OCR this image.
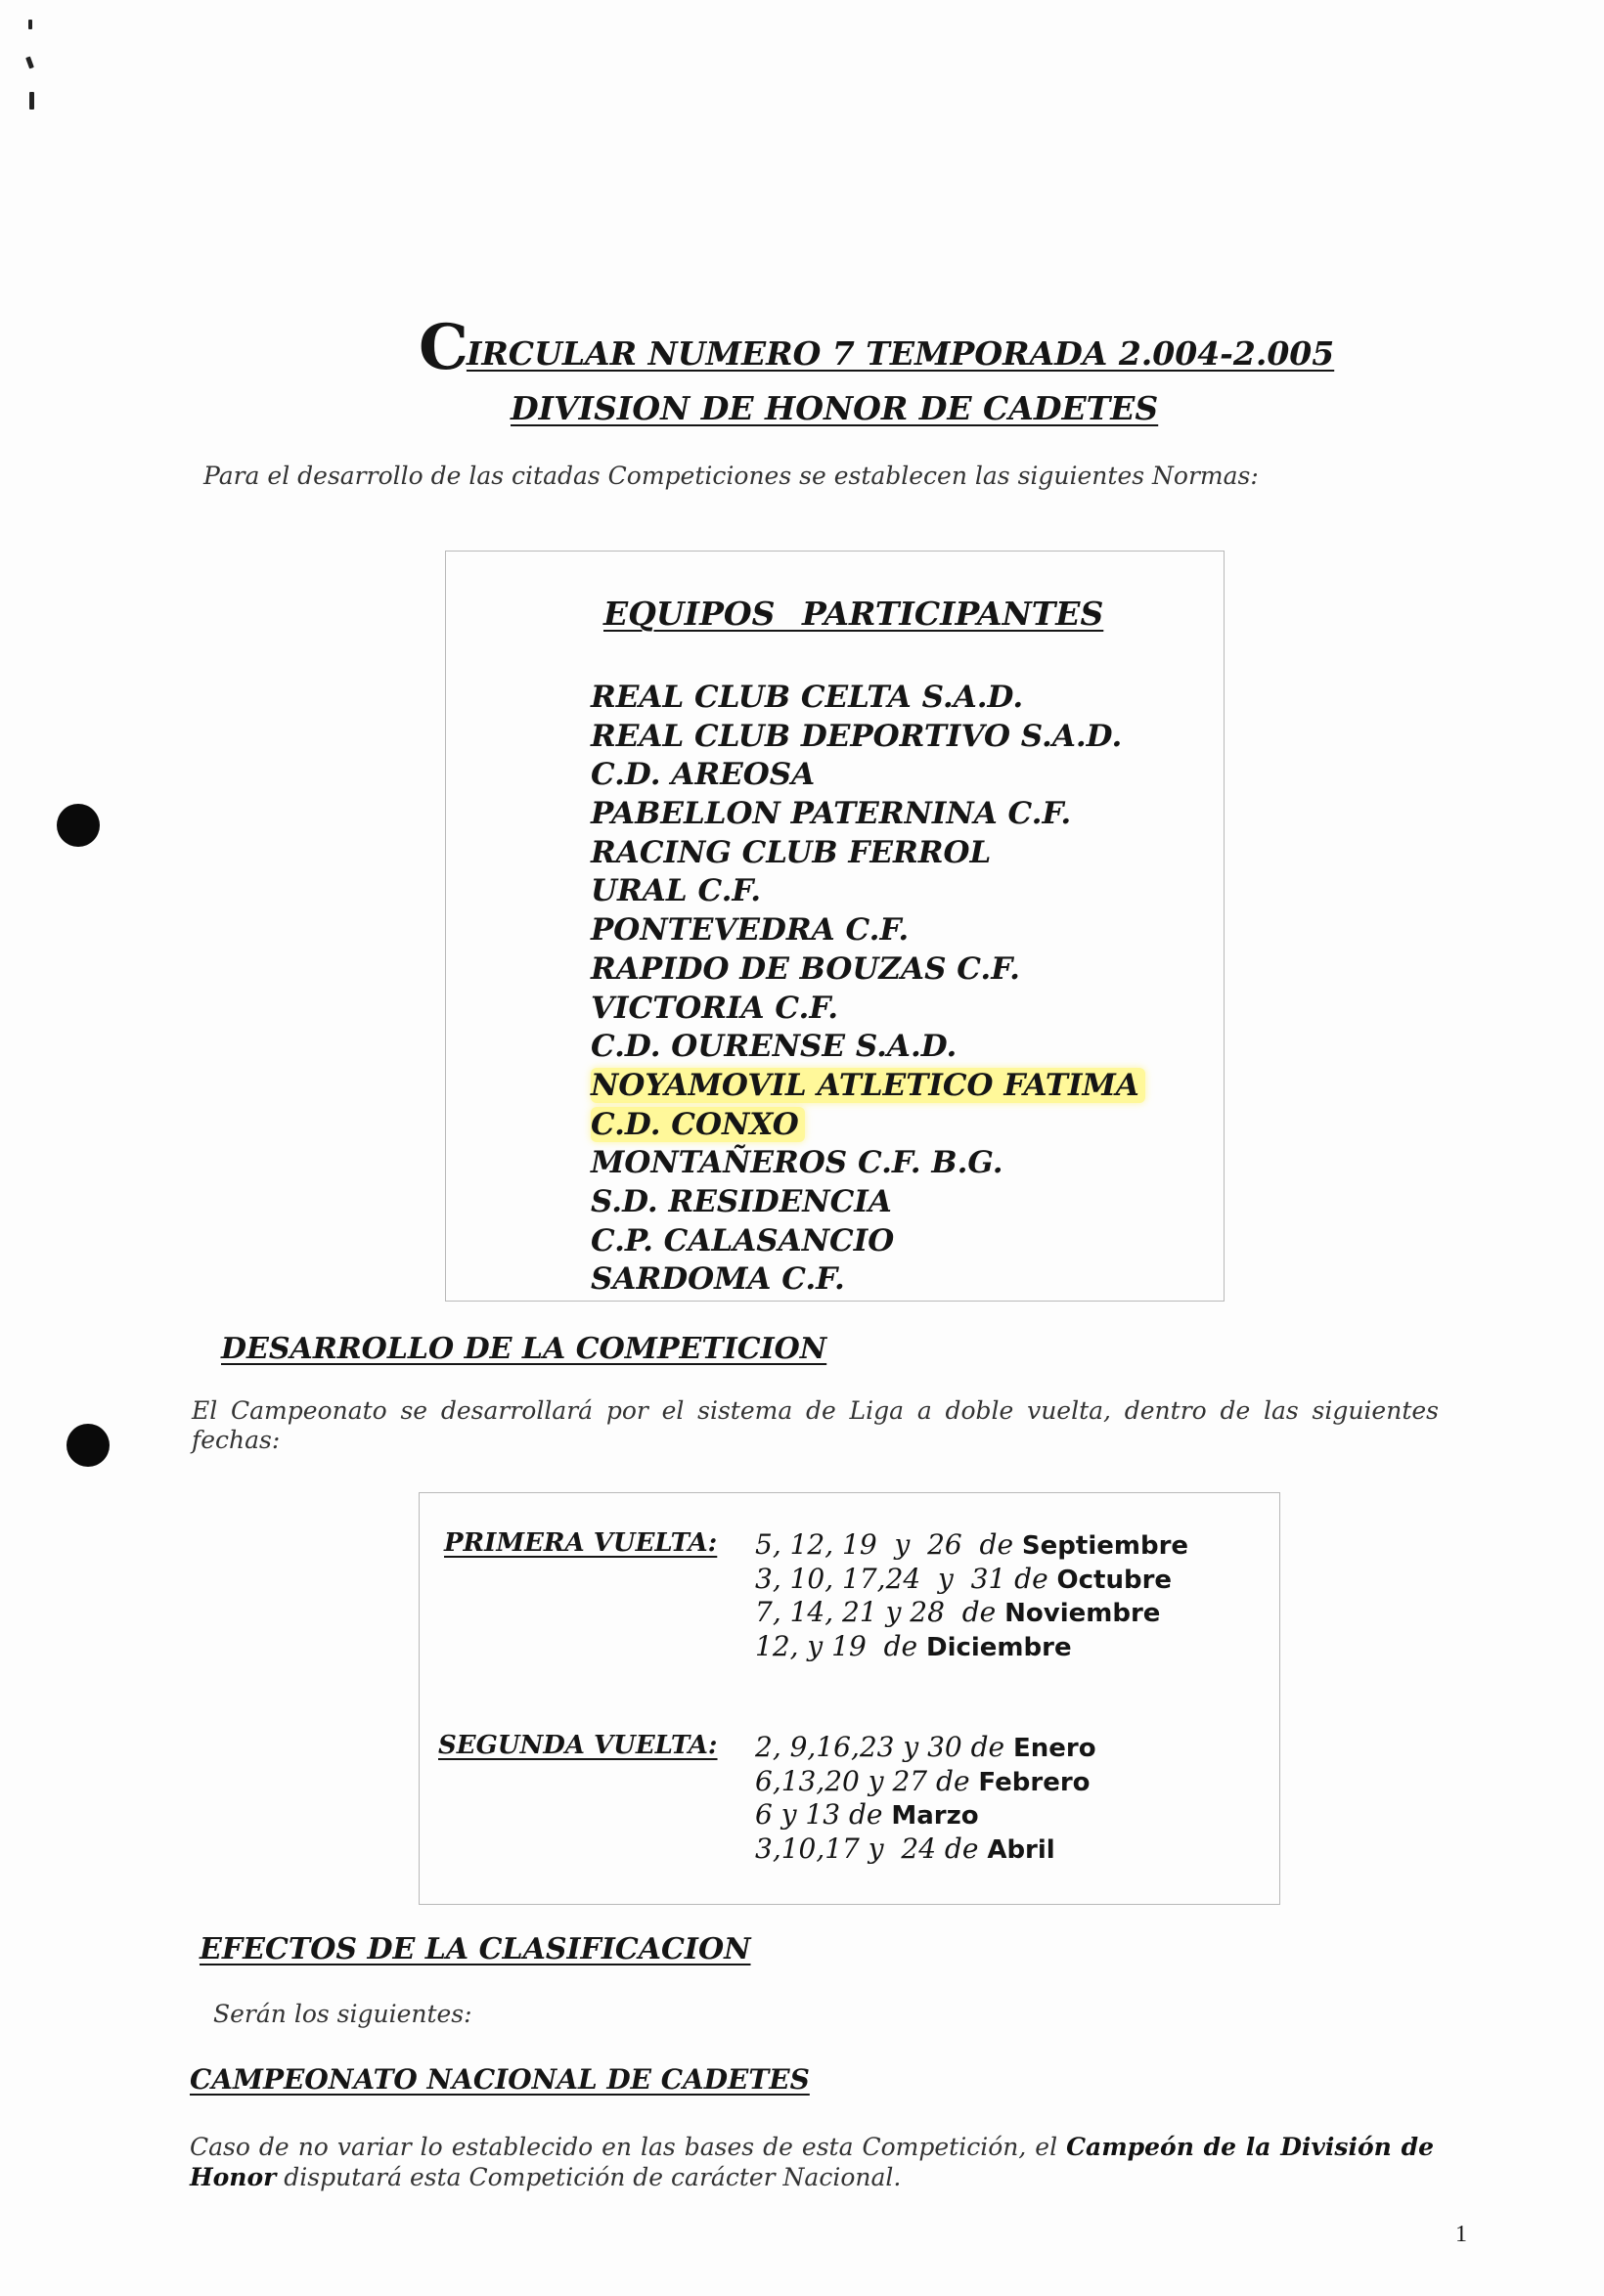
CIRCULAR NUMERO 7 TEMPORADA 2.004-2.005
DIVISION DE HONOR DE CADETES
Para el desarrollo de las citadas Competiciones se establecen las siguientes Normas:
EQUIPOS PARTICIPANTES
REAL CLUB CELTA S.A.D.
REAL CLUB DEPORTIVO S.A.D.
C.D. AREOSA
PABELLON PATERNINA C.F.
RACING CLUB FERROL
URAL C.F.
PONTEVEDRA C.F.
RAPIDO DE BOUZAS C.F.
VICTORIA C.F.
C.D. OURENSE S.A.D.
NOYAMOVIL ATLETICO FATIMA
C.D. CONXO
MONTAÑEROS C.F. B.G.
S.D. RESIDENCIA
C.P. CALASANCIO
SARDOMA C.F.
DESARROLLO DE LA COMPETICION
El Campeonato se desarrollará por el sistema de Liga a doble vuelta, dentro de las siguientes fechas:
PRIMERA VUELTA: 5, 12, 19  y  26  de Septiembre
3, 10, 17,24  y  31 de Octubre
7, 14, 21 y 28  de Noviembre
12, y 19  de Diciembre
SEGUNDA VUELTA: 2, 9,16,23 y 30 de Enero
6,13,20 y 27 de Febrero
6 y 13 de Marzo
3,10,17 y  24 de Abril
EFECTOS DE LA CLASIFICACION
Serán los siguientes:
CAMPEONATO NACIONAL DE CADETES
Caso de no variar lo establecido en las bases de esta Competición, el Campeón de la División de Honor disputará esta Competición de carácter Nacional.
1
